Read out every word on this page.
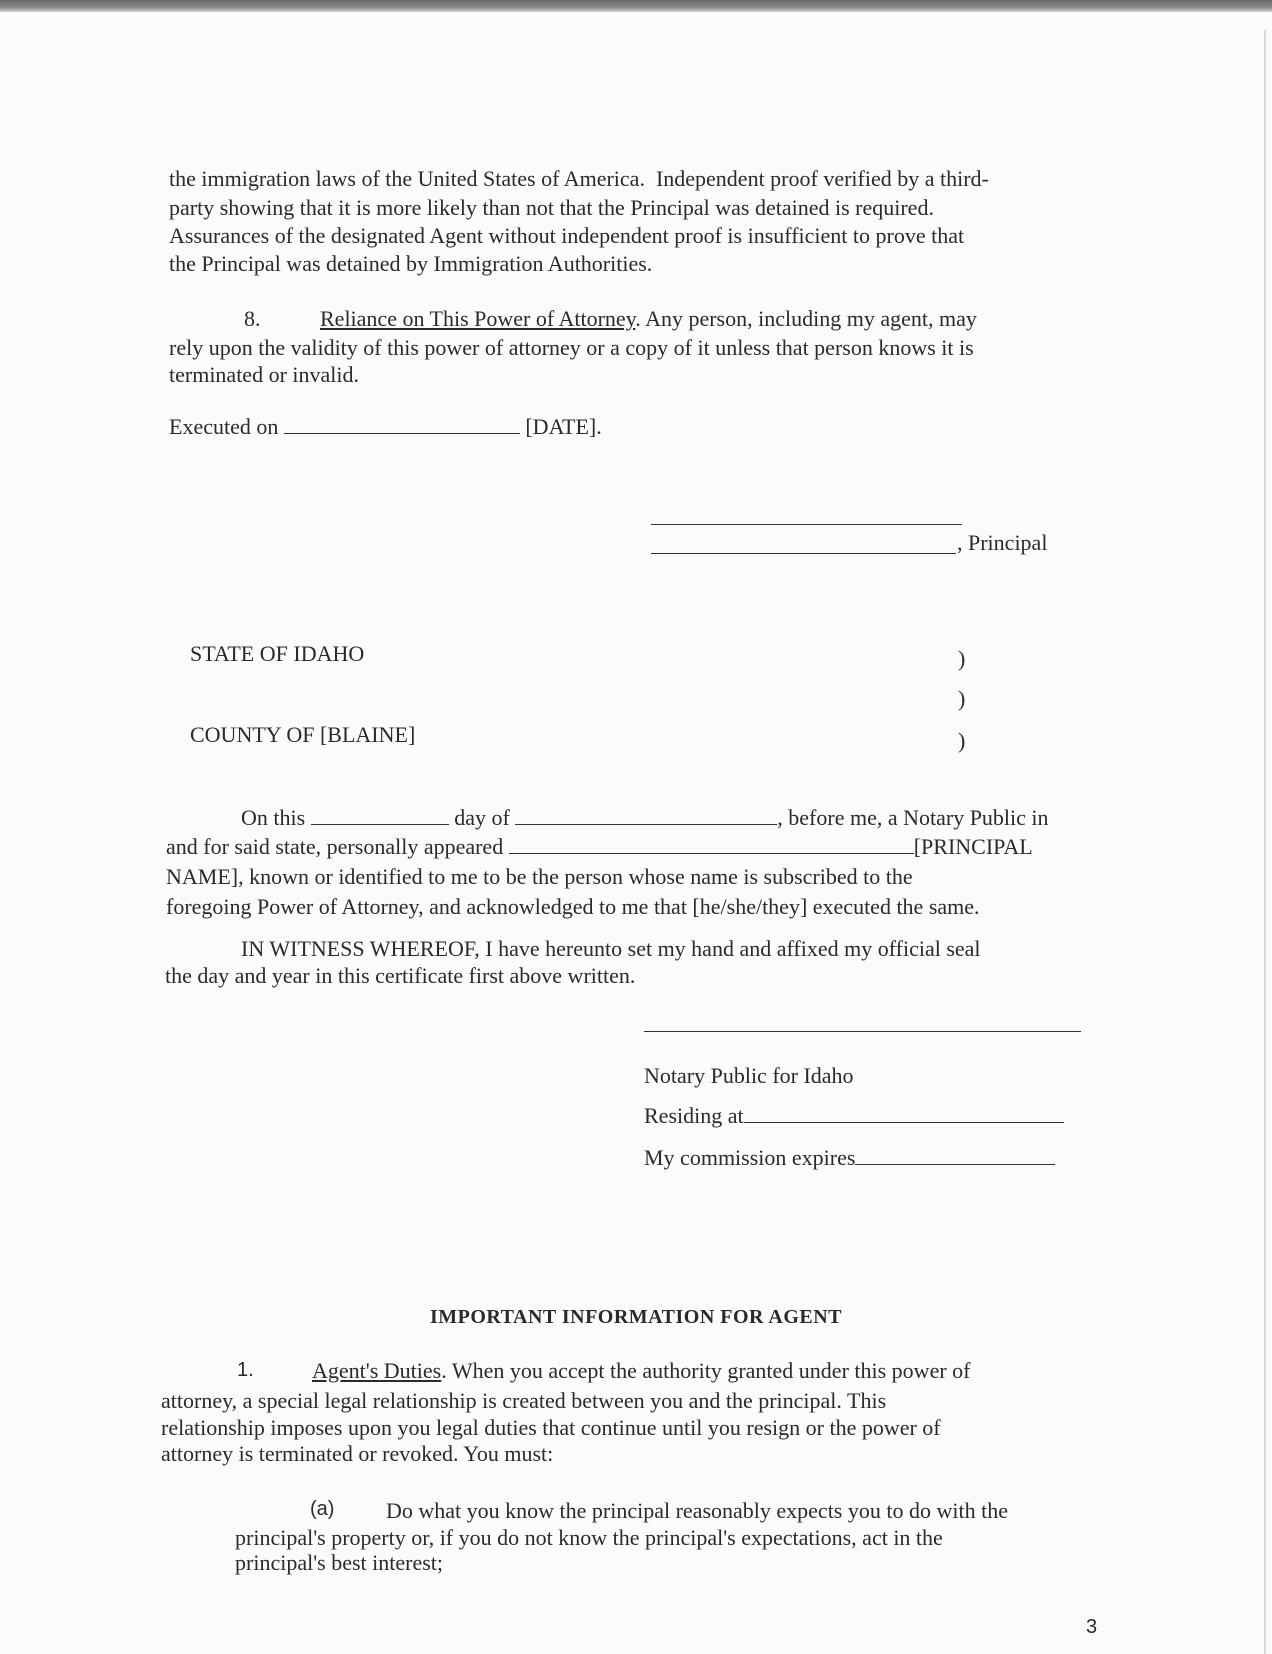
the immigration laws of the United States of America.  Independent proof verified by a third-
party showing that it is more likely than not that the Principal was detained is required.
Assurances of the designated Agent without independent proof is insufficient to prove that
the Principal was detained by Immigration Authorities.
8.	Reliance on This Power of Attorney. Any person, including my agent, may
rely upon the validity of this power of attorney or a copy of it unless that person knows it is
terminated or invalid.
Executed on	[DATE].
, Principal
STATE OF IDAHO
COUNTY OF [BLAINE]
)
)
)
On this	day of	, before me, a Notary Public in
and for said state, personally appeared	[PRINCIPAL
NAME], known or identified to me to be the person whose name is subscribed to the
foregoing Power of Attorney, and acknowledged to me that [he/she/they] executed the same.
IN WITNESS WHEREOF, I have hereunto set my hand and affixed my official seal
the day and year in this certificate first above written.
Notary Public for Idaho
Residing at
My commission expires
IMPORTANT INFORMATION FOR AGENT
1.	Agent's Duties. When you accept the authority granted under this power of
attorney, a special legal relationship is created between you and the principal. This
relationship imposes upon you legal duties that continue until you resign or the power of
attorney is terminated or revoked. You must:
(a) Do what you know the principal reasonably expects you to do with the
principal's property or, if you do not know the principal's expectations, act in the
principal's best interest;
3
